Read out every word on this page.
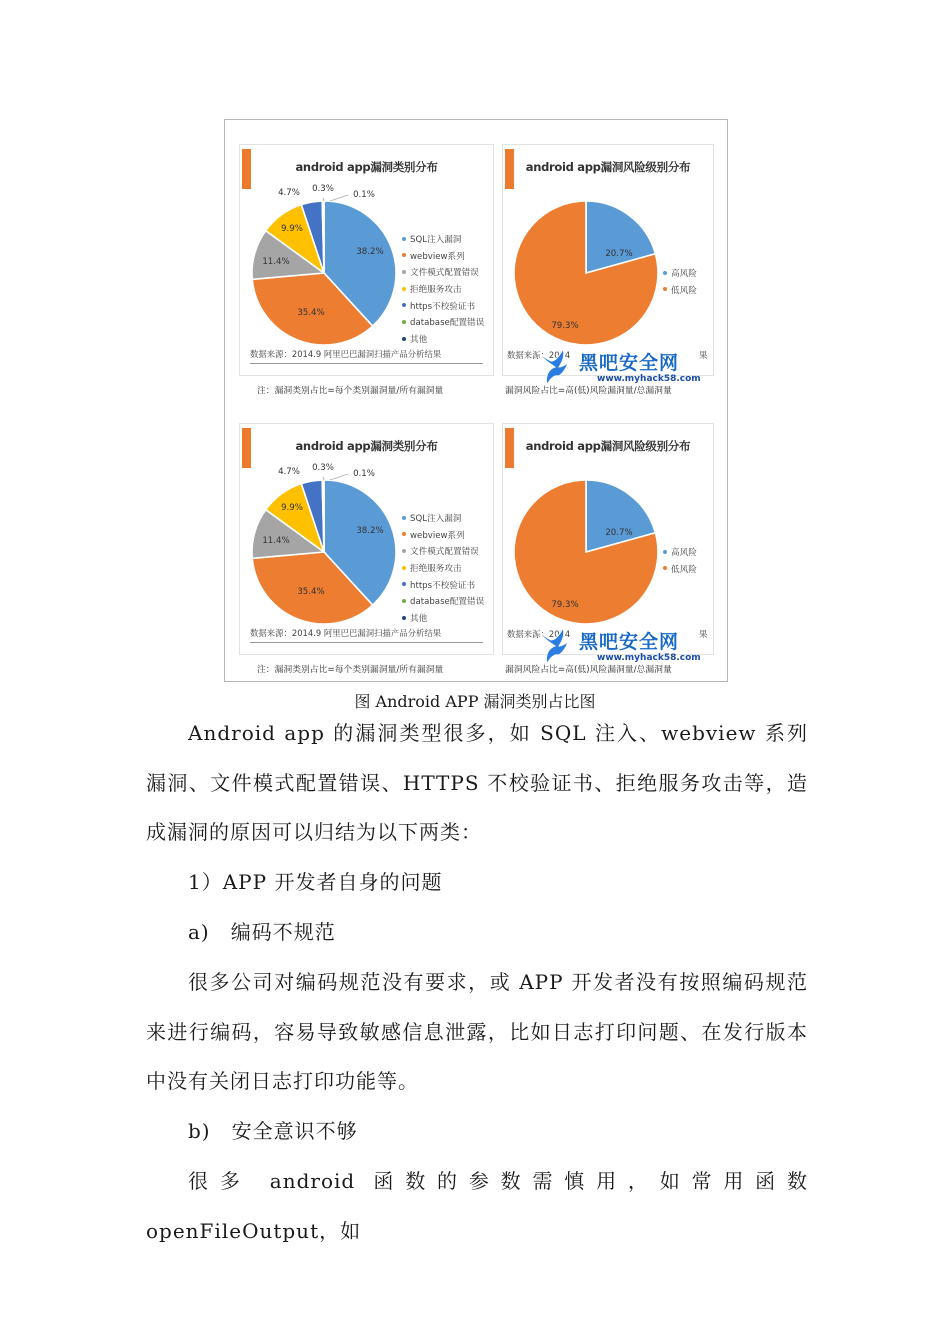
android app漏洞类别分布
38.2%
35.4%
11.4%
9.9%
4.7% 0.3%
0.1%
SQL注入漏洞
webview系列
文件模式配置错误
拒绝服务攻击
https不校验证书
database配置错误
其他
数据来源：2014.9 阿里巴巴漏洞扫描产品分析结果
android app漏洞风险级别分布
20.7%
79.3%
高风险
低风险
数据来源：2014	果
黑吧安全网
www.myhack58.com
注：漏洞类别占比=每个类别漏洞量/所有漏洞量	漏洞风险占比=高(低)风险漏洞量/总漏洞量
android app漏洞类别分布
38.2%
35.4%
11.4%
9.9%
4.7% 0.3%
0.1%
SQL注入漏洞
webview系列
文件模式配置错误
拒绝服务攻击
https不校验证书
database配置错误
其他
数据来源：2014.9 阿里巴巴漏洞扫描产品分析结果
android app漏洞风险级别分布
20.7%
79.3%
高风险
低风险
数据来源：2014	果
黑吧安全网
www.myhack58.com
注：漏洞类别占比=每个类别漏洞量/所有漏洞量	漏洞风险占比=高(低)风险漏洞量/总漏洞量
图 Android APP 漏洞类别占比图

Android app 的漏洞类型很多，如 SQL 注入、webview 系列漏洞、文件模式配置错误、HTTPS 不校验证书、拒绝服务攻击等，造成漏洞的原因可以归结为以下两类：

1）APP 开发者自身的问题

a)　编码不规范

很多公司对编码规范没有要求，或 APP 开发者没有按照编码规范来进行编码，容易导致敏感信息泄露，比如日志打印问题、在发行版本中没有关闭日志打印功能等。

b)　安全意识不够

很多 android 函数的参数需慎用，如常用函数 openFileOutput，如
